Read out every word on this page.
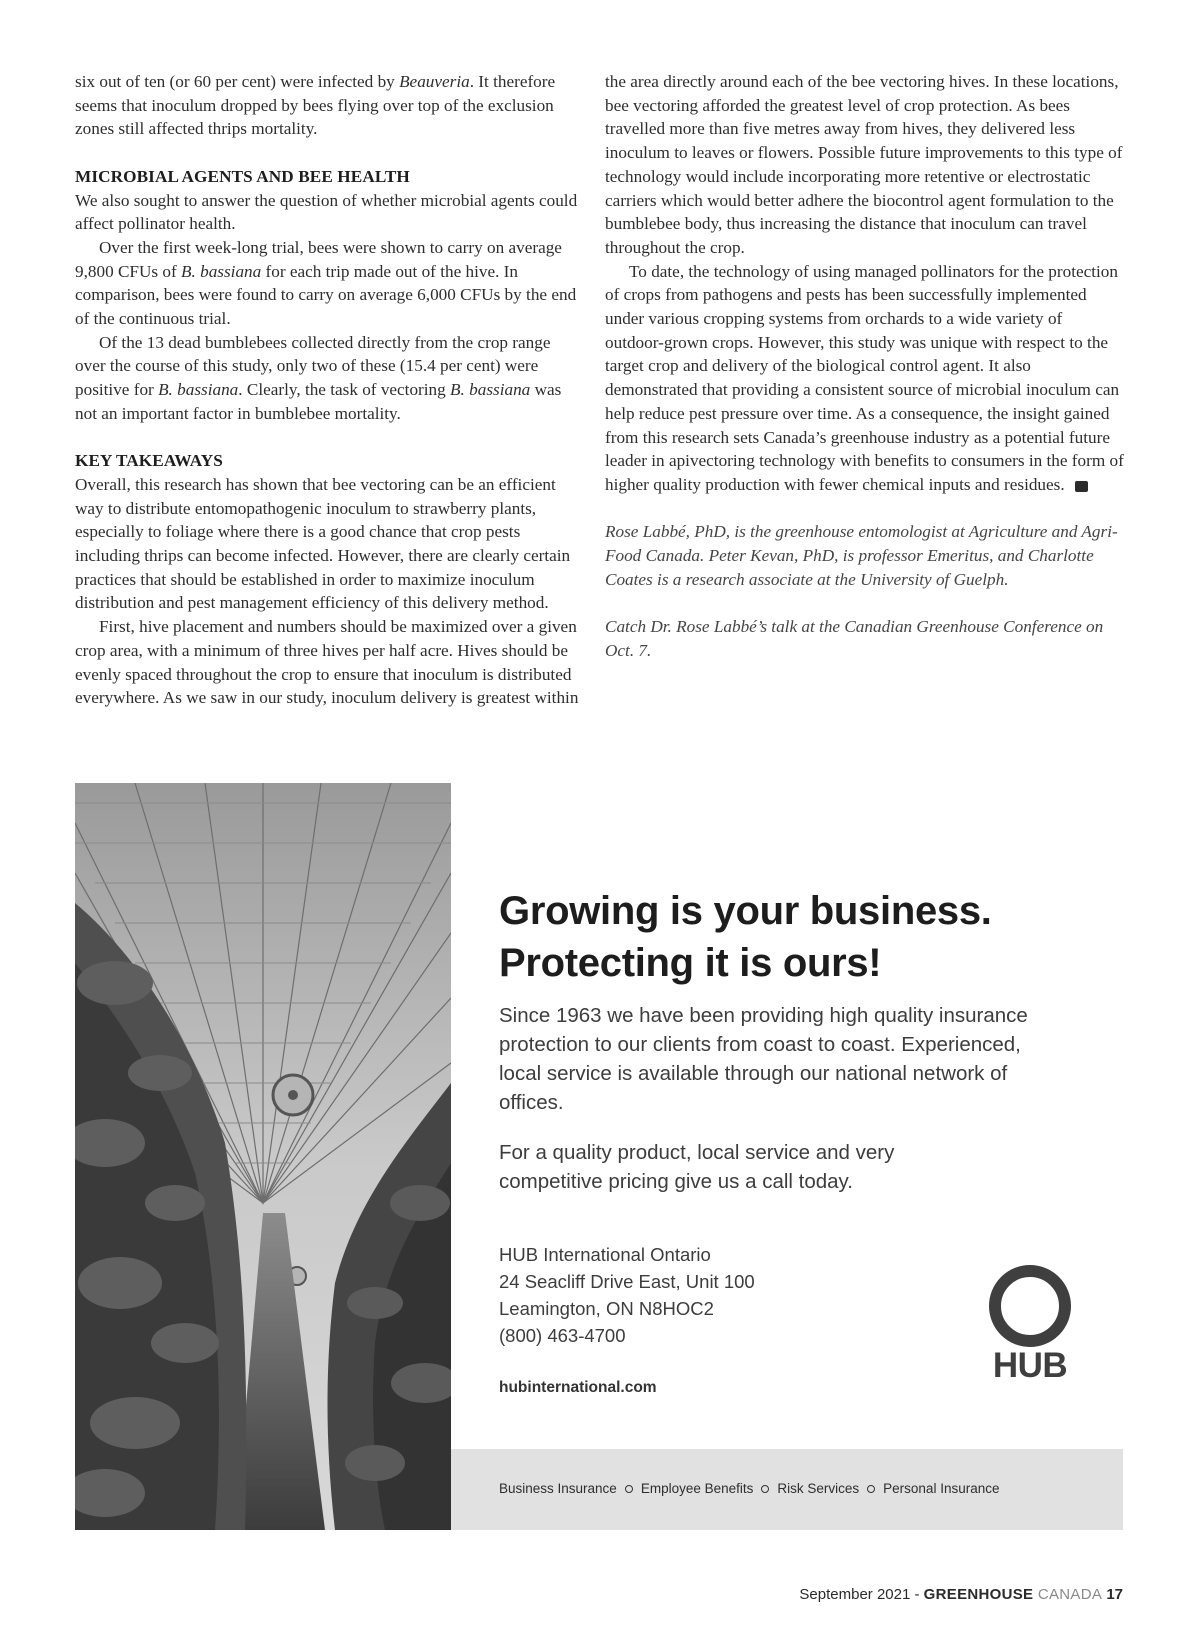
six out of ten (or 60 per cent) were infected by Beauveria. It therefore seems that inoculum dropped by bees flying over top of the exclusion zones still affected thrips mortality.

MICROBIAL AGENTS AND BEE HEALTH

We also sought to answer the question of whether microbial agents could affect pollinator health.

Over the first week-long trial, bees were shown to carry on average 9,800 CFUs of B. bassiana for each trip made out of the hive. In comparison, bees were found to carry on average 6,000 CFUs by the end of the continuous trial.

Of the 13 dead bumblebees collected directly from the crop range over the course of this study, only two of these (15.4 per cent) were positive for B. bassiana. Clearly, the task of vectoring B. bassiana was not an important factor in bumblebee mortality.

KEY TAKEAWAYS

Overall, this research has shown that bee vectoring can be an efficient way to distribute entomopathogenic inoculum to strawberry plants, especially to foliage where there is a good chance that crop pests including thrips can become infected. However, there are clearly certain practices that should be established in order to maximize inoculum distribution and pest management efficiency of this delivery method.

First, hive placement and numbers should be maximized over a given crop area, with a minimum of three hives per half acre. Hives should be evenly spaced throughout the crop to ensure that inoculum is distributed everywhere. As we saw in our study, inoculum delivery is greatest within

the area directly around each of the bee vectoring hives. In these locations, bee vectoring afforded the greatest level of crop protection. As bees travelled more than five metres away from hives, they delivered less inoculum to leaves or flowers. Possible future improvements to this type of technology would include incorporating more retentive or electrostatic carriers which would better adhere the biocontrol agent formulation to the bumblebee body, thus increasing the distance that inoculum can travel throughout the crop.

To date, the technology of using managed pollinators for the protection of crops from pathogens and pests has been successfully implemented under various cropping systems from orchards to a wide variety of outdoor-grown crops. However, this study was unique with respect to the target crop and delivery of the biological control agent. It also demonstrated that providing a consistent source of microbial inoculum can help reduce pest pressure over time. As a consequence, the insight gained from this research sets Canada’s greenhouse industry as a potential future leader in apivectoring technology with benefits to consumers in the form of higher quality production with fewer chemical inputs and residues.	GC

Rose Labbé, PhD, is the greenhouse entomologist at Agriculture and Agri-Food Canada. Peter Kevan, PhD, is professor Emeritus, and Charlotte Coates is a research associate at the University of Guelph.

Catch Dr. Rose Labbé’s talk at the Canadian Greenhouse Conference on Oct. 7.

Growing is your business.
Protecting it is ours!

Since 1963 we have been providing high quality insurance protection to our clients from coast to coast. Experienced, local service is available through our national network of offices.

For a quality product, local service and very competitive pricing give us a call today.

HUB International Ontario
24 Seacliff Drive East, Unit 100
Leamington, ON N8HOC2
(800) 463-4700
hubinternational.com
HUB
Business Insurance Employee Benefits Risk Services Personal Insurance
September 2021 - GREENHOUSE CANADA 17
